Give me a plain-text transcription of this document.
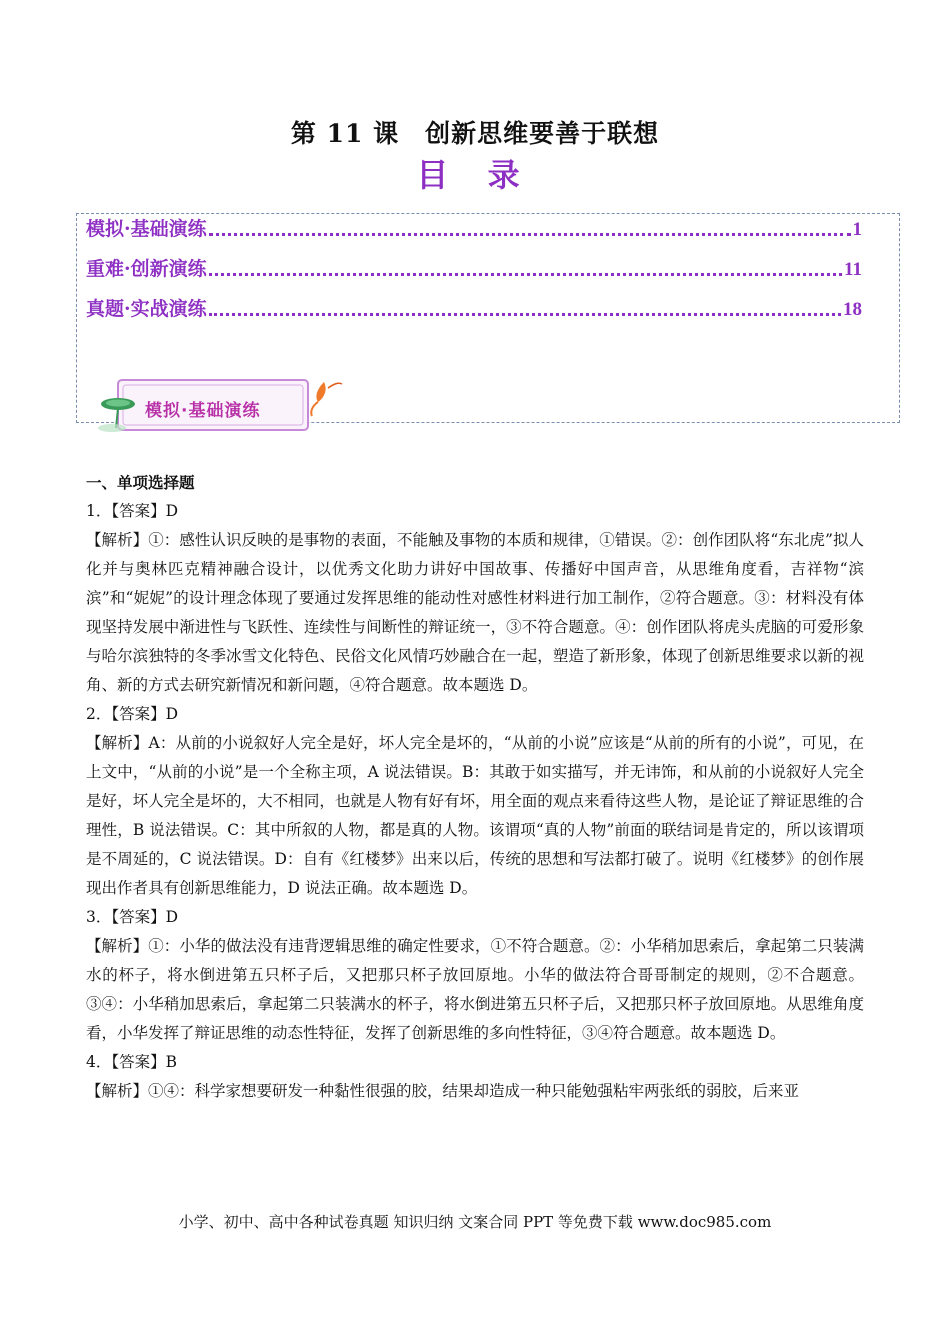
第 11 课　创新思维要善于联想
目 录
模拟·基础演练	1
重难·创新演练	11
真题·实战演练	18
模拟·基础演练

一、单项选择题

1．【答案】D

【解析】①：感性认识反映的是事物的表面，不能触及事物的本质和规律，①错误。②：创作团队将“东北虎”拟人化并与奥林匹克精神融合设计，以优秀文化助力讲好中国故事、传播好中国声音，从思维角度看，吉祥物“滨滨”和“妮妮”的设计理念体现了要通过发挥思维的能动性对感性材料进行加工制作，②符合题意。③：材料没有体现坚持发展中渐进性与飞跃性、连续性与间断性的辩证统一，③不符合题意。④：创作团队将虎头虎脑的可爱形象与哈尔滨独特的冬季冰雪文化特色、民俗文化风情巧妙融合在一起，塑造了新形象，体现了创新思维要求以新的视角、新的方式去研究新情况和新问题，④符合题意。故本题选 D。

2．【答案】D

【解析】A：从前的小说叙好人完全是好，坏人完全是坏的，“从前的小说”应该是“从前的所有的小说”，可见，在上文中，“从前的小说”是一个全称主项，A 说法错误。B：其敢于如实描写，并无讳饰，和从前的小说叙好人完全是好，坏人完全是坏的，大不相同，也就是人物有好有坏，用全面的观点来看待这些人物，是论证了辩证思维的合理性，B 说法错误。C：其中所叙的人物，都是真的人物。该谓项“真的人物”前面的联结词是肯定的，所以该谓项是不周延的，C 说法错误。D：自有《红楼梦》出来以后，传统的思想和写法都打破了。说明《红楼梦》的创作展现出作者具有创新思维能力，D 说法正确。故本题选 D。

3．【答案】D

【解析】①：小华的做法没有违背逻辑思维的确定性要求，①不符合题意。②：小华稍加思索后，拿起第二只装满水的杯子，将水倒进第五只杯子后，又把那只杯子放回原地。小华的做法符合哥哥制定的规则，②不合题意。③④：小华稍加思索后，拿起第二只装满水的杯子，将水倒进第五只杯子后，又把那只杯子放回原地。从思维角度看，小华发挥了辩证思维的动态性特征，发挥了创新思维的多向性特征，③④符合题意。故本题选 D。

4．【答案】B

【解析】①④：科学家想要研发一种黏性很强的胶，结果却造成一种只能勉强粘牢两张纸的弱胶，后来亚

小学、初中、高中各种试卷真题 知识归纳 文案合同 PPT 等免费下载 www.doc985.com
